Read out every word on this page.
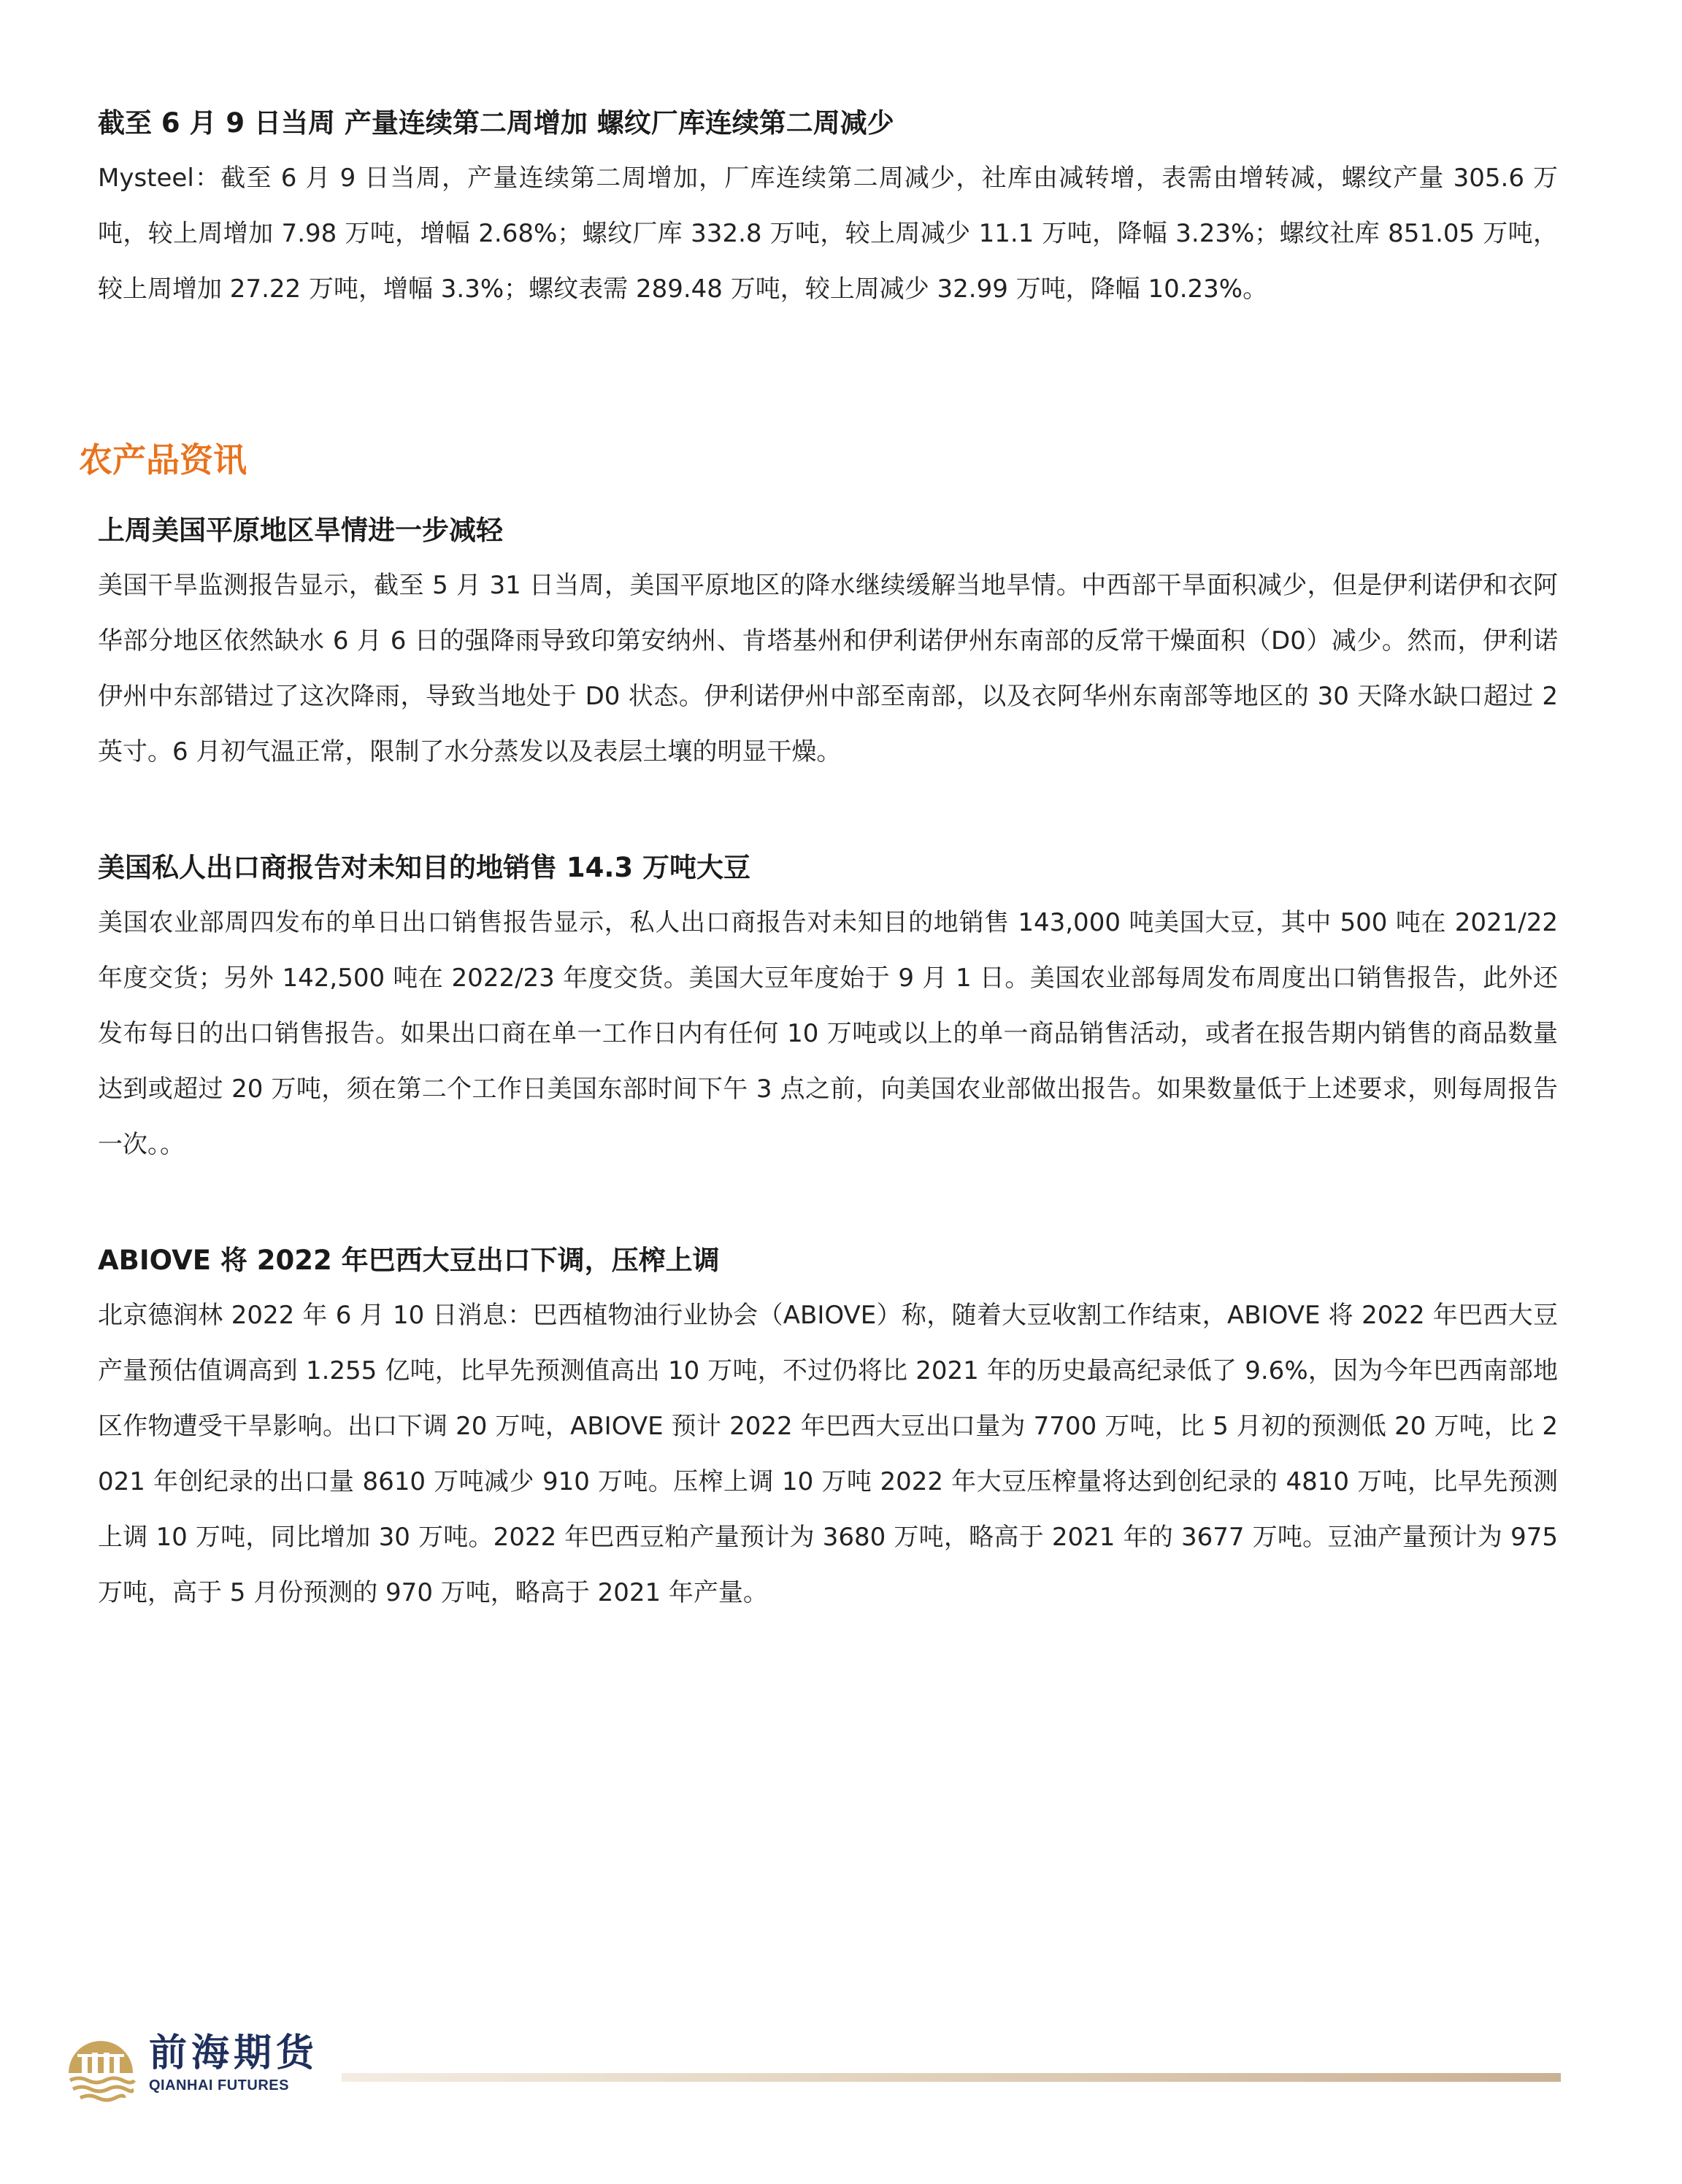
截至 6 月 9 日当周 产量连续第二周增加 螺纹厂库连续第二周减少

Mysteel：截至 6 月 9 日当周，产量连续第二周增加，厂库连续第二周减少，社库由减转增，表需由增转减，螺纹产量 305.6 万吨，较上周增加 7.98 万吨，增幅 2.68%；螺纹厂库 332.8 万吨，较上周减少 11.1 万吨，降幅 3.23%；螺纹社库 851.05 万吨，较上周增加 27.22 万吨，增幅 3.3%；螺纹表需 289.48 万吨，较上周减少 32.99 万吨，降幅 10.23%。

农产品资讯
上周美国平原地区旱情进一步减轻

美国干旱监测报告显示，截至 5 月 31 日当周，美国平原地区的降水继续缓解当地旱情。中西部干旱面积减少，但是伊利诺伊和衣阿华部分地区依然缺水 6 月 6 日的强降雨导致印第安纳州、肯塔基州和伊利诺伊州东南部的反常干燥面积（D0）减少。然而，伊利诺伊州中东部错过了这次降雨，导致当地处于 D0 状态。伊利诺伊州中部至南部，以及衣阿华州东南部等地区的 30 天降水缺口超过 2 英寸。6 月初气温正常，限制了水分蒸发以及表层土壤的明显干燥。

美国私人出口商报告对未知目的地销售 14.3 万吨大豆

美国农业部周四发布的单日出口销售报告显示，私人出口商报告对未知目的地销售 143,000 吨美国大豆，其中 500 吨在 2021/22 年度交货；另外 142,500 吨在 2022/23 年度交货。美国大豆年度始于 9 月 1 日。美国农业部每周发布周度出口销售报告，此外还发布每日的出口销售报告。如果出口商在单一工作日内有任何 10 万吨或以上的单一商品销售活动，或者在报告期内销售的商品数量达到或超过 20 万吨，须在第二个工作日美国东部时间下午 3 点之前，向美国农业部做出报告。如果数量低于上述要求，则每周报告一次。。

ABIOVE 将 2022 年巴西大豆出口下调，压榨上调

北京德润林 2022 年 6 月 10 日消息：巴西植物油行业协会（ABIOVE）称，随着大豆收割工作结束，ABIOVE 将 2022 年巴西大豆产量预估值调高到 1.255 亿吨，比早先预测值高出 10 万吨，不过仍将比 2021 年的历史最高纪录低了 9.6%，因为今年巴西南部地区作物遭受干旱影响。出口下调 20 万吨，ABIOVE 预计 2022 年巴西大豆出口量为 7700 万吨，比 5 月初的预测低 20 万吨，比 2021 年创纪录的出口量 8610 万吨减少 910 万吨。压榨上调 10 万吨 2022 年大豆压榨量将达到创纪录的 4810 万吨，比早先预测上调 10 万吨，同比增加 30 万吨。2022 年巴西豆粕产量预计为 3680 万吨，略高于 2021 年的 3677 万吨。豆油产量预计为 975 万吨，高于 5 月份预测的 970 万吨，略高于 2021 年产量。

前海期货
QIANHAI FUTURES
